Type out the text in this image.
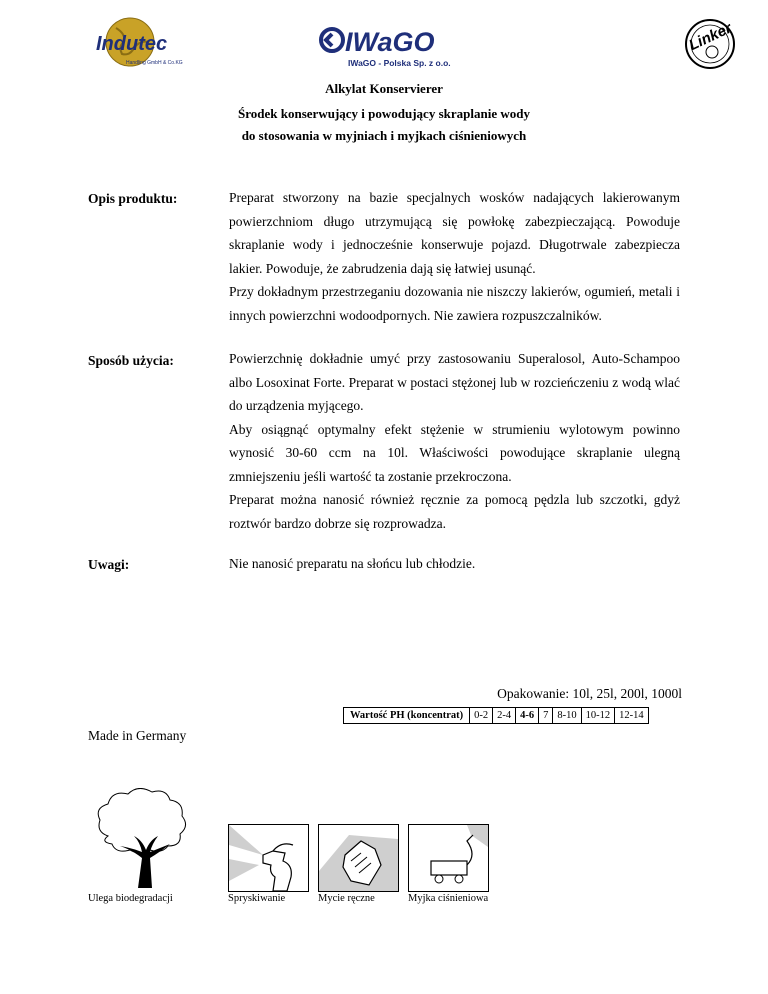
Indutec
Handling GmbH & Co.KG
IWaGO
IWaGO - Polska Sp. z o.o.
Linker
Alkylat Konservierer
Środek konserwujący i powodujący skraplanie wody
do stosowania w myjniach i myjkach ciśnieniowych
Opis produktu:	Preparat stworzony na bazie specjalnych wosków nadających lakierowanym powierzchniom długo utrzymującą się powłokę zabezpieczającą. Powoduje skraplanie wody i jednocześnie konserwuje pojazd. Długotrwale zabezpiecza lakier. Powoduje, że zabrudzenia dają się łatwiej usunąć.

Przy dokładnym przestrzeganiu dozowania nie niszczy lakierów, ogumień, metali i innych powierzchni wodoodpornych. Nie zawiera rozpuszczalników.

Sposób użycia:	Powierzchnię dokładnie umyć przy zastosowaniu Superalosol, Auto-Schampoo albo Losoxinat Forte. Preparat w postaci stężonej lub w rozcieńczeniu z wodą wlać do urządzenia myjącego.

Aby osiągnąć optymalny efekt stężenie w strumieniu wylotowym powinno wynosić 30-60 ccm na 10l. Właściwości powodujące skraplanie ulegną zmniejszeniu jeśli wartość ta zostanie przekroczona.

Preparat można nanosić również ręcznie za pomocą pędzla lub szczotki, gdyż roztwór bardzo dobrze się rozprowadza.

Uwagi:	Nie nanosić preparatu na słońcu lub chłodzie.

Opakowanie: 10l, 25l, 200l, 1000l
Wartość PH (koncentrat)	0-2	2-4	4-6	7	8-10	10-12	12-14
Made in Germany
Ulega biodegradacji	Spryskiwanie	Mycie ręczne	Myjka ciśnieniowa
